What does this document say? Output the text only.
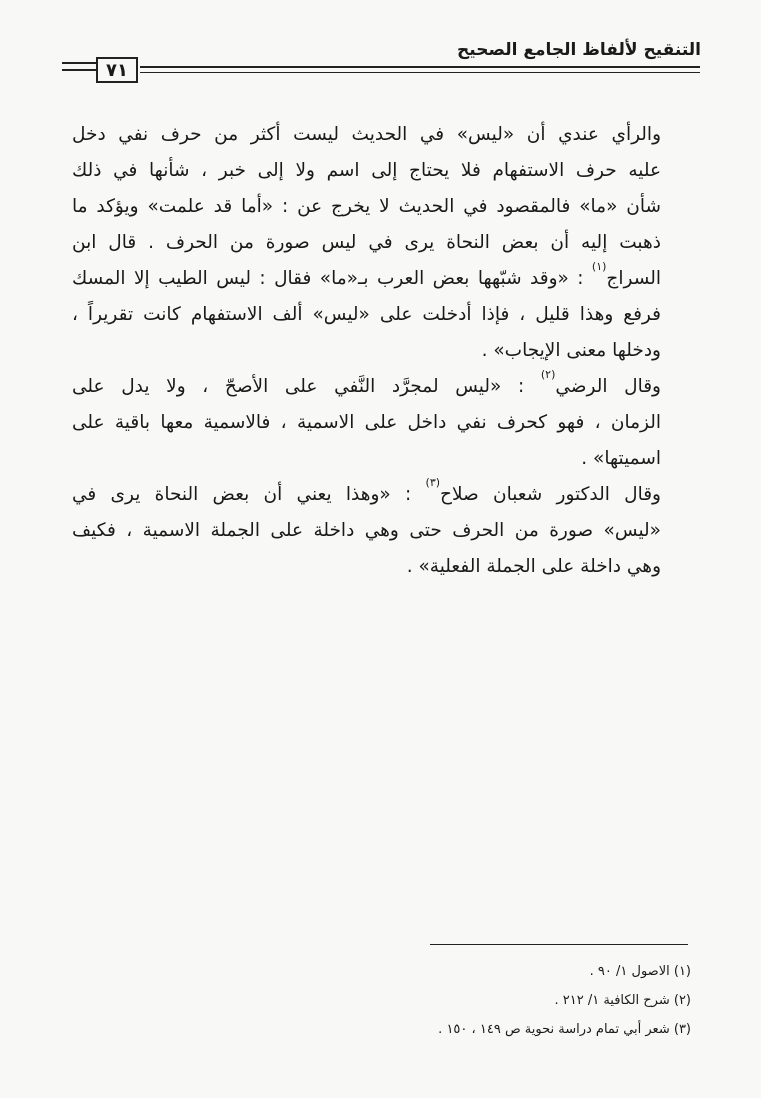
التنقيح لألفاظ الجامع الصحيح
٧١

والرأي عندي أن «ليس» في الحديث ليست أكثر من حرف نفي دخل
عليه حرف الاستفهام فلا يحتاج إلى اسم ولا إلى خبر ، شأنها في ذلك
شأن «ما» فالمقصود في الحديث لا يخرج عن : «أما قد علمت» ويؤكد ما
ذهبت إليه أن بعض النحاة يرى في ليس صورة من الحرف . قال ابن
السراج$^{(١)}$ : «وقد شبّهها بعض العرب بـ«ما» فقال : ليس الطيب إلا المسك
فرفع وهذا قليل ، فإذا أدخلت على «ليس» ألف الاستفهام كانت تقريراً ،
ودخلها معنى الإيجاب» .

وقال الرضي$^{(٢)}$ : «ليس لمجرَّد النَّفي على الأصحّ ، ولا يدل على
الزمان ، فهو كحرف نفي داخل على الاسمية ، فالاسمية معها باقية على
اسميتها» .

وقال الدكتور شعبان صلاح$^{(٣)}$ : «وهذا يعني أن بعض النحاة يرى في
«ليس» صورة من الحرف حتى وهي داخلة على الجملة الاسمية ، فكيف
وهي داخلة على الجملة الفعلية» .

(١) الاصول ١/ ٩٠ .
(٢) شرح الكافية ١/ ٢١٢ .
(٣) شعر أبي تمام دراسة نحوية ص ١٤٩ ، ١٥٠ .
